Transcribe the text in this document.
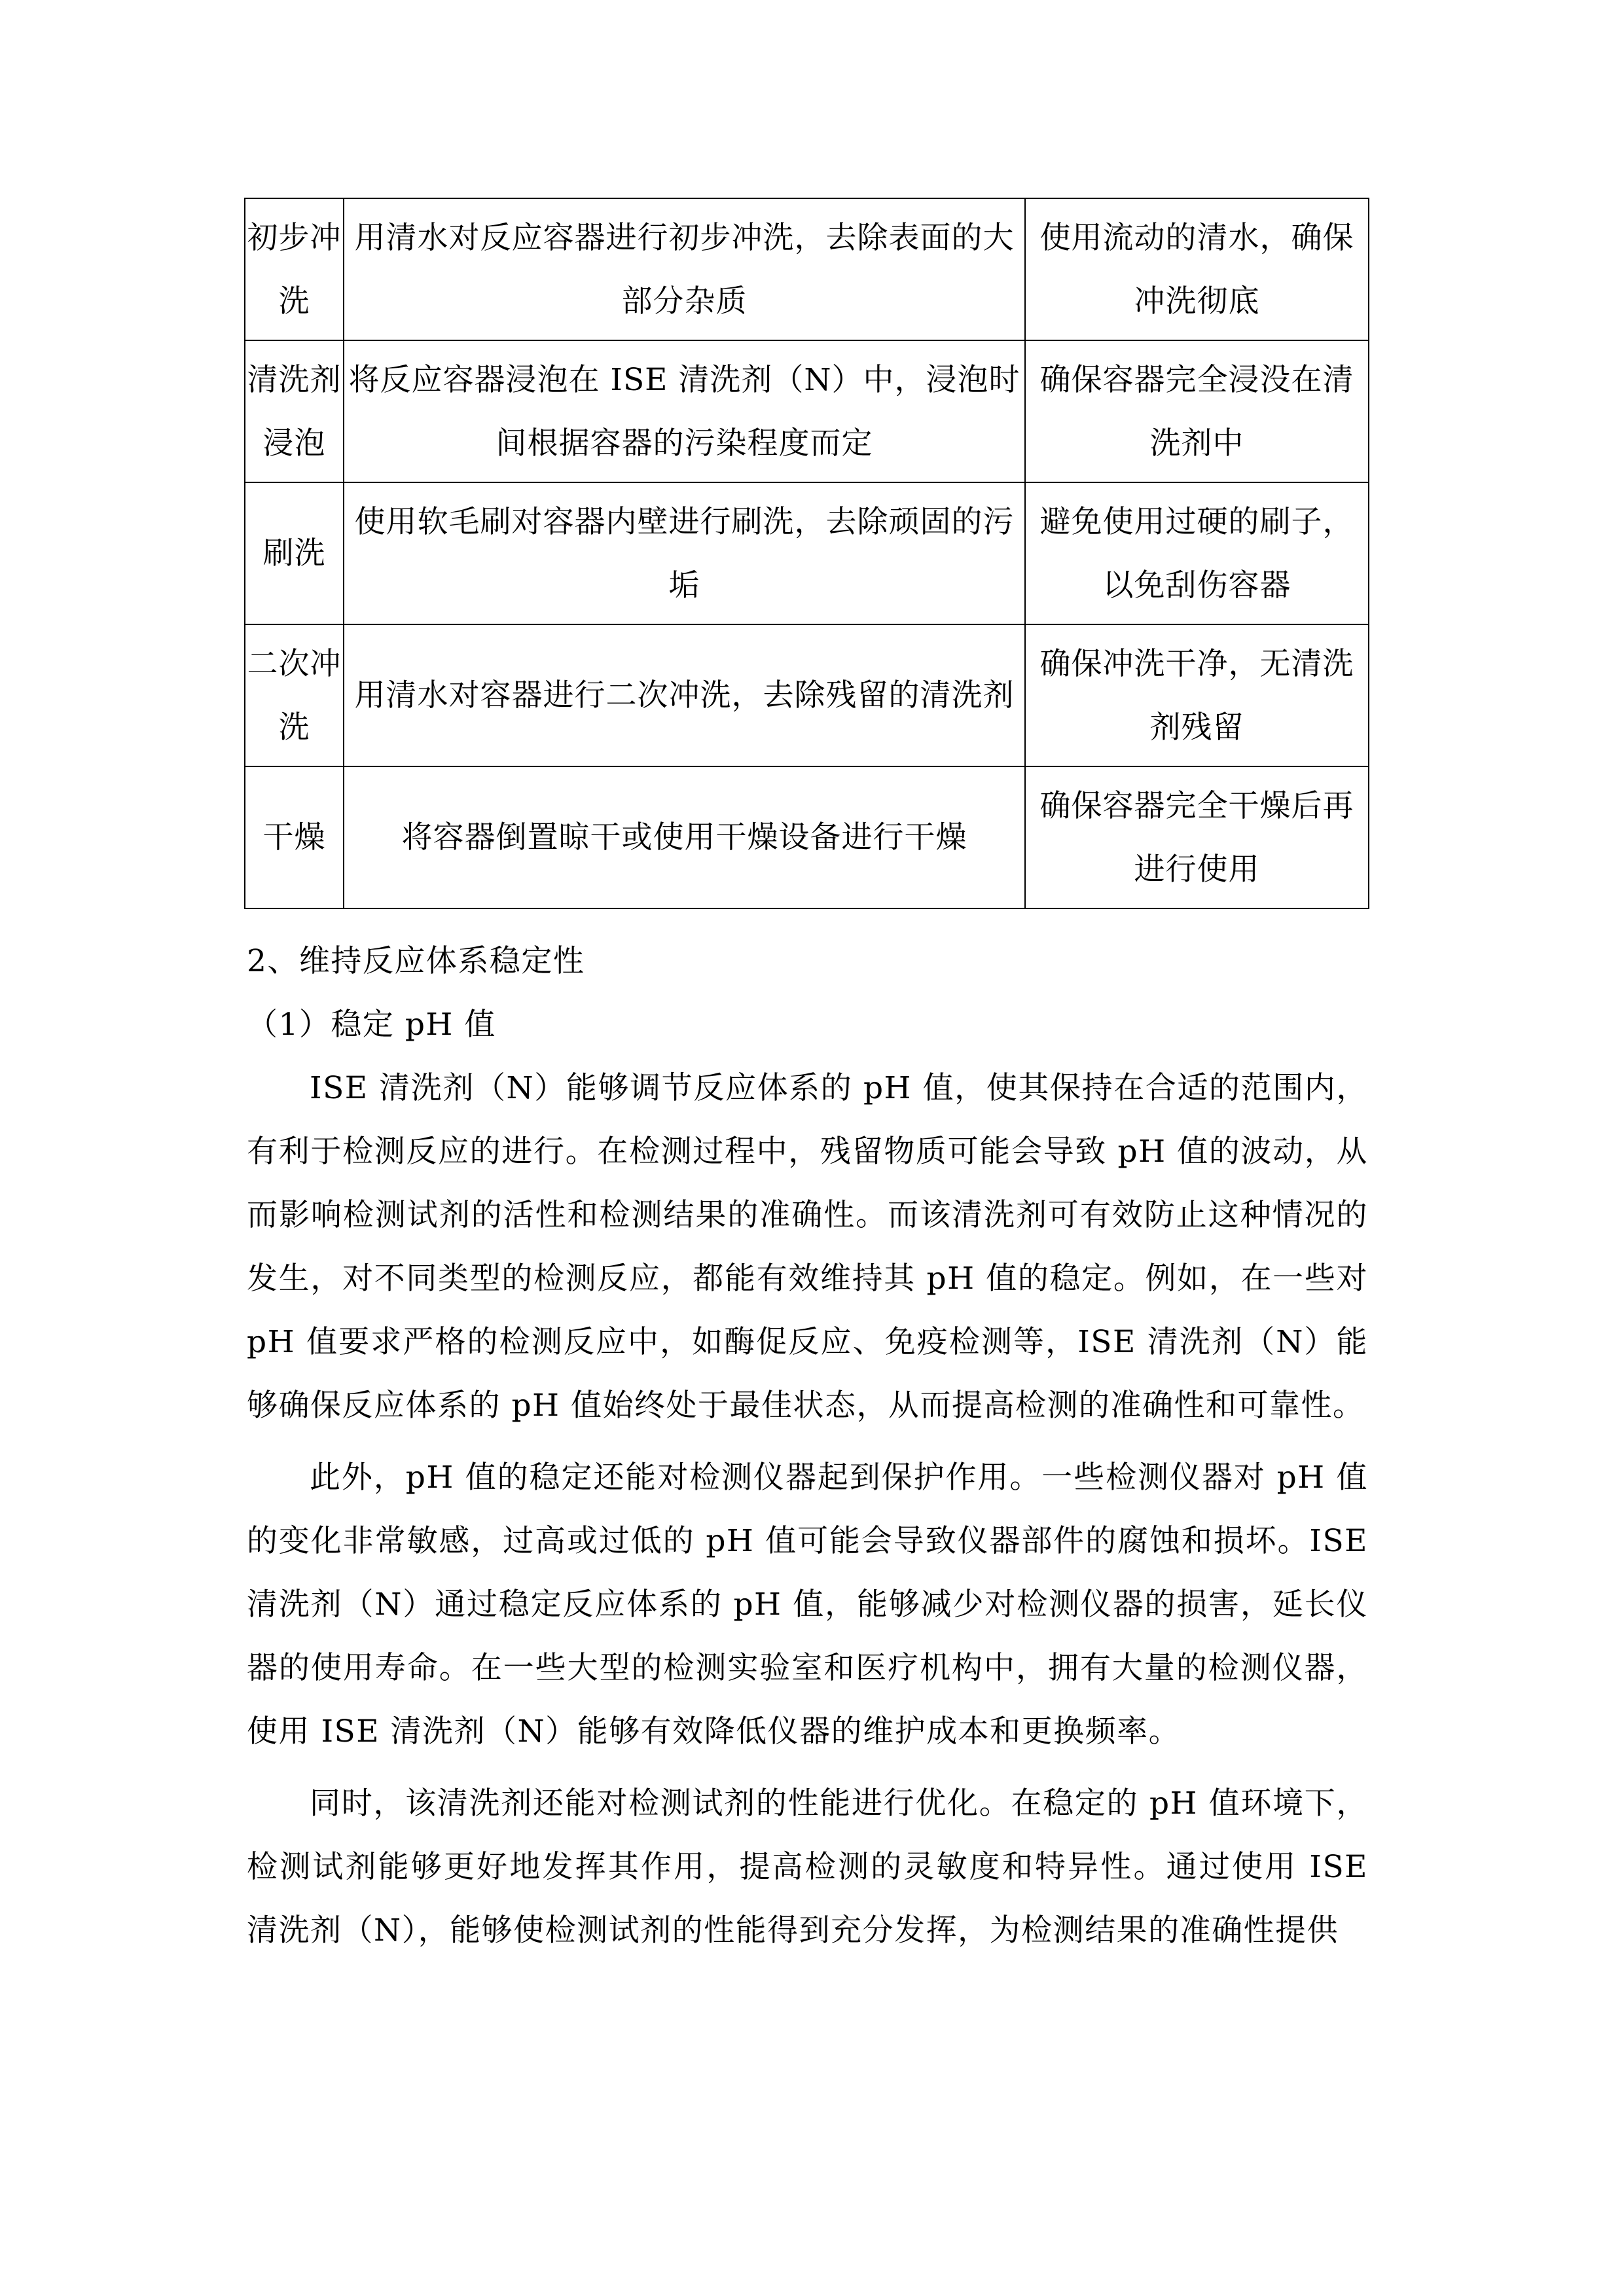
初步冲洗	用清水对反应容器进行初步冲洗，去除表面的大部分杂质	使用流动的清水，确保冲洗彻底
清洗剂浸泡	将反应容器浸泡在 ISE 清洗剂（N）中，浸泡时间根据容器的污染程度而定	确保容器完全浸没在清洗剂中
刷洗	使用软毛刷对容器内壁进行刷洗，去除顽固的污垢	避免使用过硬的刷子，以免刮伤容器
二次冲洗	用清水对容器进行二次冲洗，去除残留的清洗剂	确保冲洗干净，无清洗剂残留
干燥	将容器倒置晾干或使用干燥设备进行干燥	确保容器完全干燥后再进行使用

2、维持反应体系稳定性

（1）稳定 pH 值

ISE 清洗剂（N）能够调节反应体系的 pH 值，使其保持在合适的范围内，有利于检测反应的进行。在检测过程中，残留物质可能会导致 pH 值的波动，从而影响检测试剂的活性和检测结果的准确性。而该清洗剂可有效防止这种情况的发生，对不同类型的检测反应，都能有效维持其 pH 值的稳定。例如，在一些对 pH 值要求严格的检测反应中，如酶促反应、免疫检测等，ISE 清洗剂（N）能够确保反应体系的 pH 值始终处于最佳状态，从而提高检测的准确性和可靠性。

此外，pH 值的稳定还能对检测仪器起到保护作用。一些检测仪器对 pH 值的变化非常敏感，过高或过低的 pH 值可能会导致仪器部件的腐蚀和损坏。ISE 清洗剂（N）通过稳定反应体系的 pH 值，能够减少对检测仪器的损害，延长仪器的使用寿命。在一些大型的检测实验室和医疗机构中，拥有大量的检测仪器，使用 ISE 清洗剂（N）能够有效降低仪器的维护成本和更换频率。

同时，该清洗剂还能对检测试剂的性能进行优化。在稳定的 pH 值环境下，检测试剂能够更好地发挥其作用，提高检测的灵敏度和特异性。通过使用 ISE 清洗剂（N），能够使检测试剂的性能得到充分发挥，为检测结果的准确性提供
